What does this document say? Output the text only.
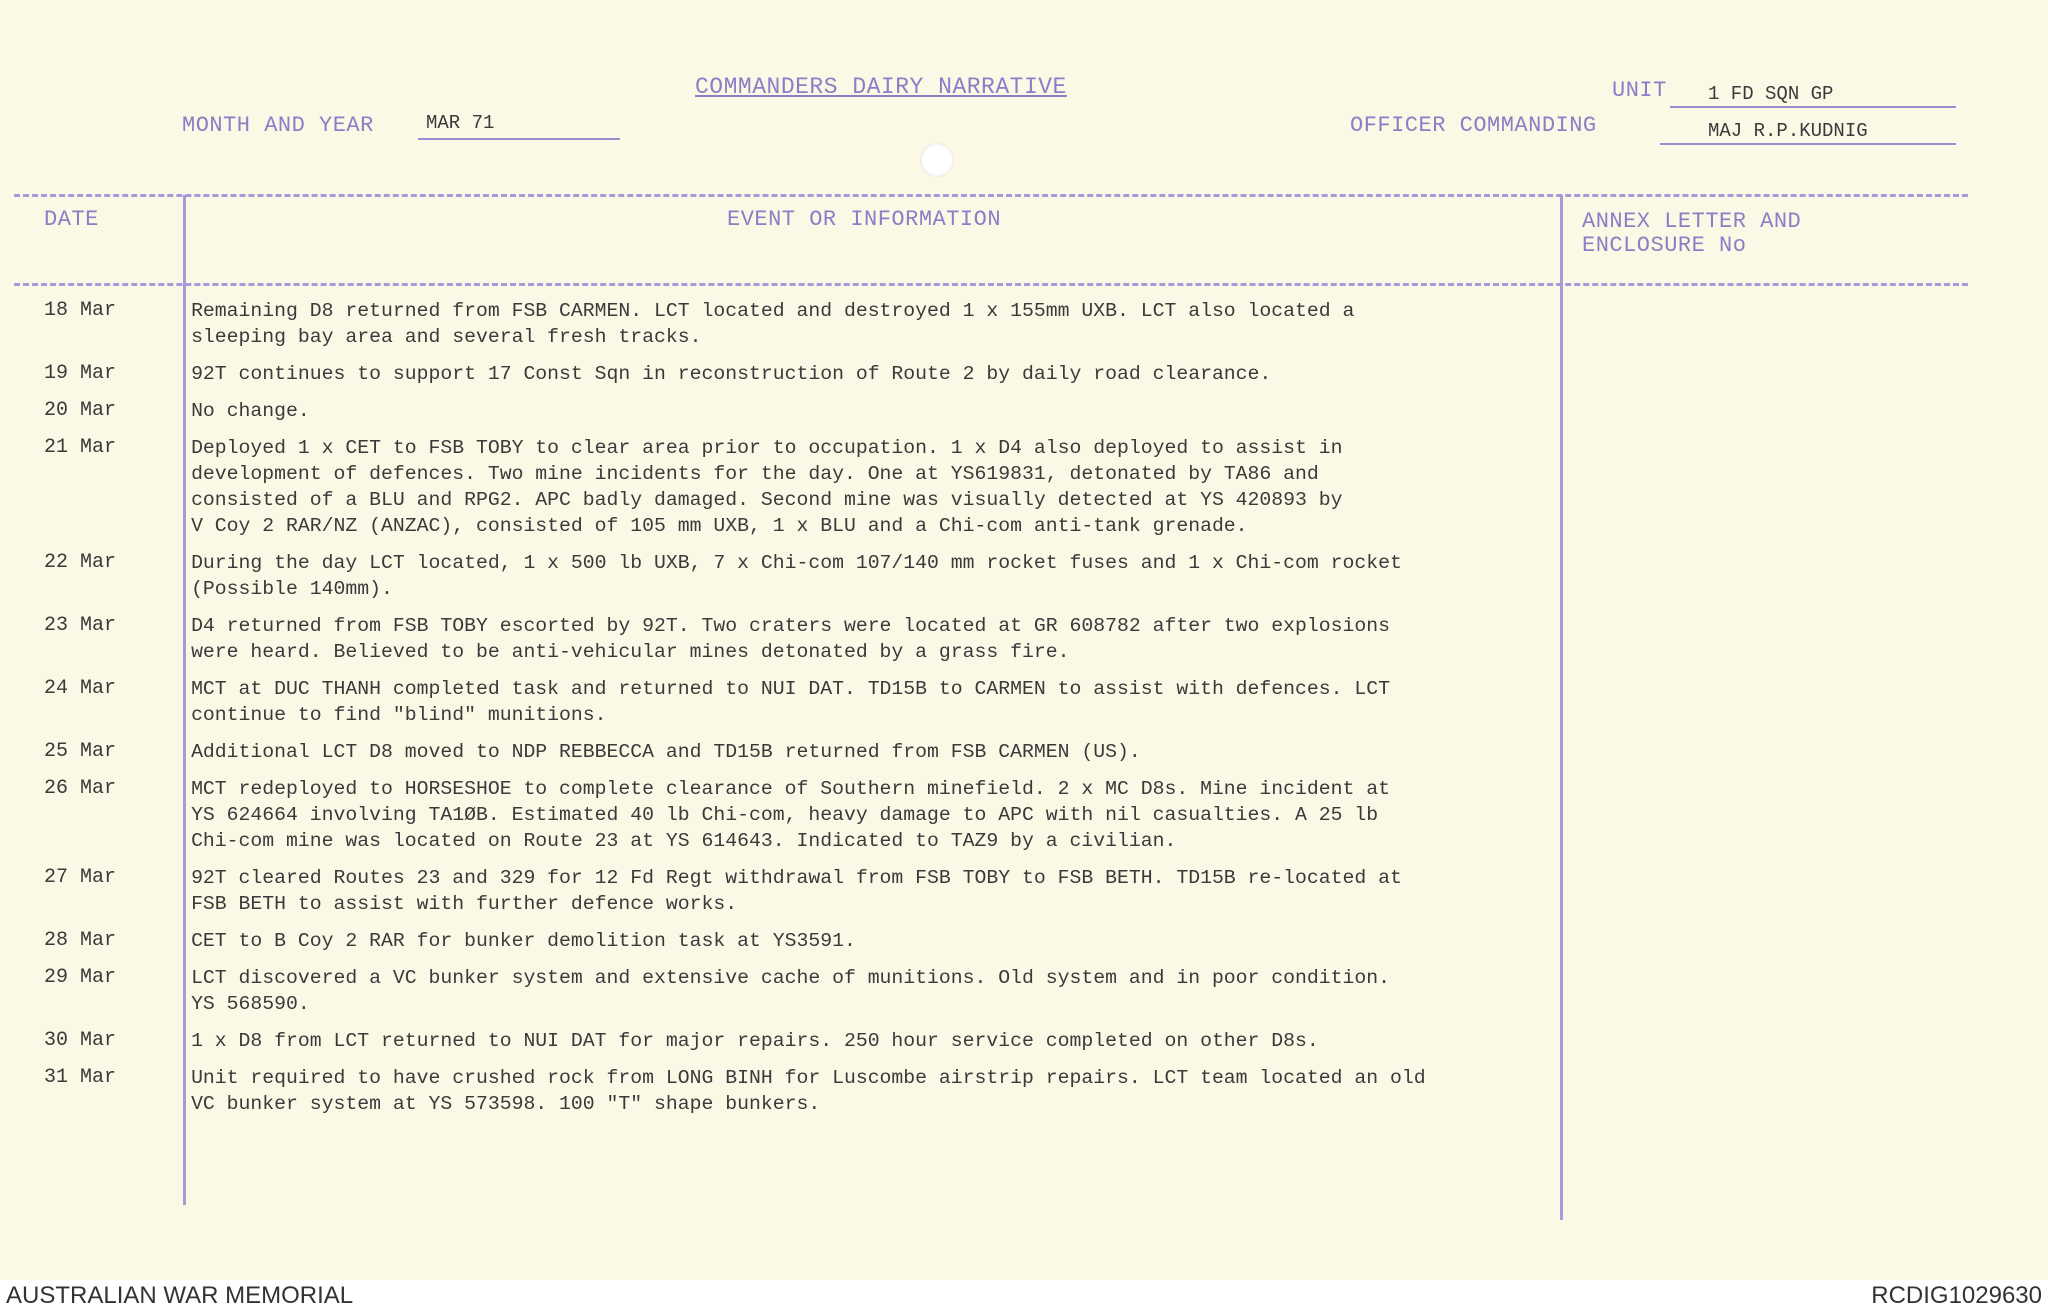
COMMANDERS DAIRY NARRATIVE
MONTH AND YEAR	MAR 71
UNIT 1 FD SQN GP
OFFICER COMMANDING	MAJ R.P.KUDNIG
DATE	EVENT OR INFORMATION	ANNEX LETTER AND
ENCLOSURE No
18 Mar	Remaining D8 returned from FSB CARMEN. LCT located and destroyed 1 x 155mm UXB. LCT also located a
sleeping bay area and several fresh tracks.
19 Mar	92T continues to support 17 Const Sqn in reconstruction of Route 2 by daily road clearance.
20 Mar	No change.
21 Mar	Deployed 1 x CET to FSB TOBY to clear area prior to occupation. 1 x D4 also deployed to assist in
development of defences. Two mine incidents for the day. One at YS619831, detonated by TA86 and
consisted of a BLU and RPG2. APC badly damaged. Second mine was visually detected at YS 420893 by
V Coy 2 RAR/NZ (ANZAC), consisted of 105 mm UXB, 1 x BLU and a Chi-com anti-tank grenade.
22 Mar	During the day LCT located, 1 x 500 lb UXB, 7 x Chi-com 107/140 mm rocket fuses and 1 x Chi-com rocket
(Possible 140mm).
23 Mar	D4 returned from FSB TOBY escorted by 92T. Two craters were located at GR 608782 after two explosions
were heard. Believed to be anti-vehicular mines detonated by a grass fire.
24 Mar	MCT at DUC THANH completed task and returned to NUI DAT. TD15B to CARMEN to assist with defences. LCT
continue to find "blind" munitions.
25 Mar	Additional LCT D8 moved to NDP REBBECCA and TD15B returned from FSB CARMEN (US).
26 Mar	MCT redeployed to HORSESHOE to complete clearance of Southern minefield. 2 x MC D8s. Mine incident at
YS 624664 involving TA1ØB. Estimated 40 lb Chi-com, heavy damage to APC with nil casualties. A 25 lb
Chi-com mine was located on Route 23 at YS 614643. Indicated to TAZ9 by a civilian.
27 Mar	92T cleared Routes 23 and 329 for 12 Fd Regt withdrawal from FSB TOBY to FSB BETH. TD15B re-located at
FSB BETH to assist with further defence works.
28 Mar	CET to B Coy 2 RAR for bunker demolition task at YS3591.
29 Mar	LCT discovered a VC bunker system and extensive cache of munitions. Old system and in poor condition.
YS 568590.
30 Mar	1 x D8 from LCT returned to NUI DAT for major repairs. 250 hour service completed on other D8s.
31 Mar	Unit required to have crushed rock from LONG BINH for Luscombe airstrip repairs. LCT team located an old
VC bunker system at YS 573598. 100 "T" shape bunkers.
AUSTRALIAN WAR MEMORIAL	RCDIG1029630
